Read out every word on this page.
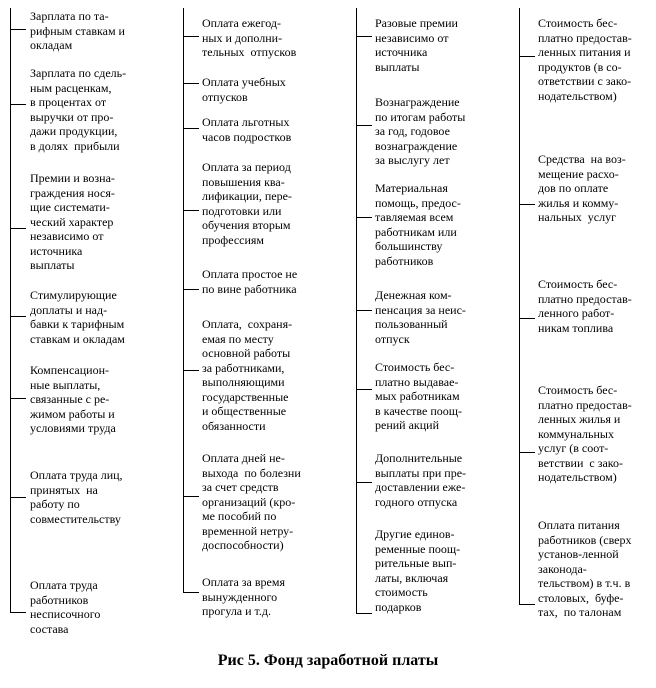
Зарплата по та-
рифным ставкам и
окладам
Зарплата по сдель-
ным расценкам,
в процентах от
выручки от про-
дажи продукции,
в долях  прибыли
Премии и возна-
граждения нося-
щие системати-
ческий характер
независимо от
источника
выплаты
Стимулирующие
доплаты и над-
бавки к тарифным
ставкам и окладам
Компенсацион-
ные выплаты,
связанные с ре-
жимом работы и
условиями труда
Оплата труда лиц,
принятых  на
работу по
совместительству
Оплата труда
работников
несписочного
состава
Оплата ежегод-
ных и дополни-
тельных  отпусков
Оплата учебных
отпусков
Оплата льготных
часов подростков
Оплата за период
повышения ква-
лификации, пере-
подготовки или
обучения вторым
профессиям
Оплата простое не
по вине работника
Оплата,  сохраня-
емая по месту
основной работы
за работниками,
выполняющими
государственные
и общественные
обязанности
Оплата дней не-
выхода  по болезни
за счет средств
организаций (кро-
ме пособий по
временной нетру-
доспособности)
Оплата за время
вынужденного
прогула и т.д.
Разовые премии
независимо от
источника
выплаты
Вознаграждение
по итогам работы
за год, годовое
вознаграждение
за выслугу лет
Материальная
помощь, предос-
тавляемая всем
работникам или
большинству
работников
Денежная ком-
пенсация за неис-
пользованный
отпуск
Стоимость бес-
платно выдавае-
мых работникам
в качестве поощ-
рений акций
Дополнительные
выплаты при пре-
доставлении еже-
годного отпуска
Другие единов-
ременные поощ-
рительные вып-
латы, включая
стоимость
подарков
Стоимость бес-
платно предостав-
ленных питания и
продуктов (в со-
ответствии с зако-
нодательством)
Средства  на воз-
мещение расхо-
дов по оплате
жилья и комму-
нальных  услуг
Стоимость бес-
платно предостав-
ленного работ-
никам топлива
Стоимость бес-
платно предостав-
ленных жилья и
коммунальных
услуг (в соот-
ветствии  с зако-
нодательством)
Оплата питания
работников (сверх
установ-ленной
законода-
тельством) в т.ч. в
столовых,  буфе-
тах,  по талонам
Рис 5. Фонд заработной платы
